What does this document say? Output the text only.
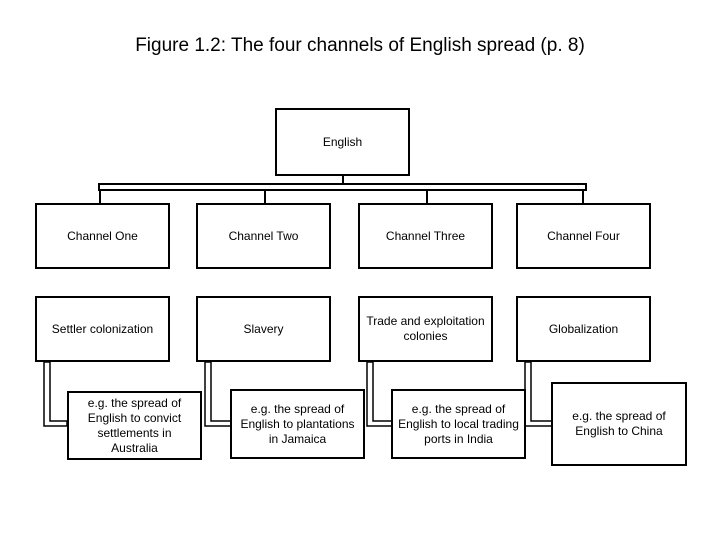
Figure 1.2: The four channels of English spread (p. 8)
English
Channel One	Channel Two	Channel Three	Channel Four
Settler colonization	Slavery
Trade and exploitation colonies
Globalization
e.g. the spread of English to convict settlements in Australia
e.g. the spread of English to plantations in Jamaica
e.g. the spread of English to local trading ports in India
e.g. the spread of English to China
